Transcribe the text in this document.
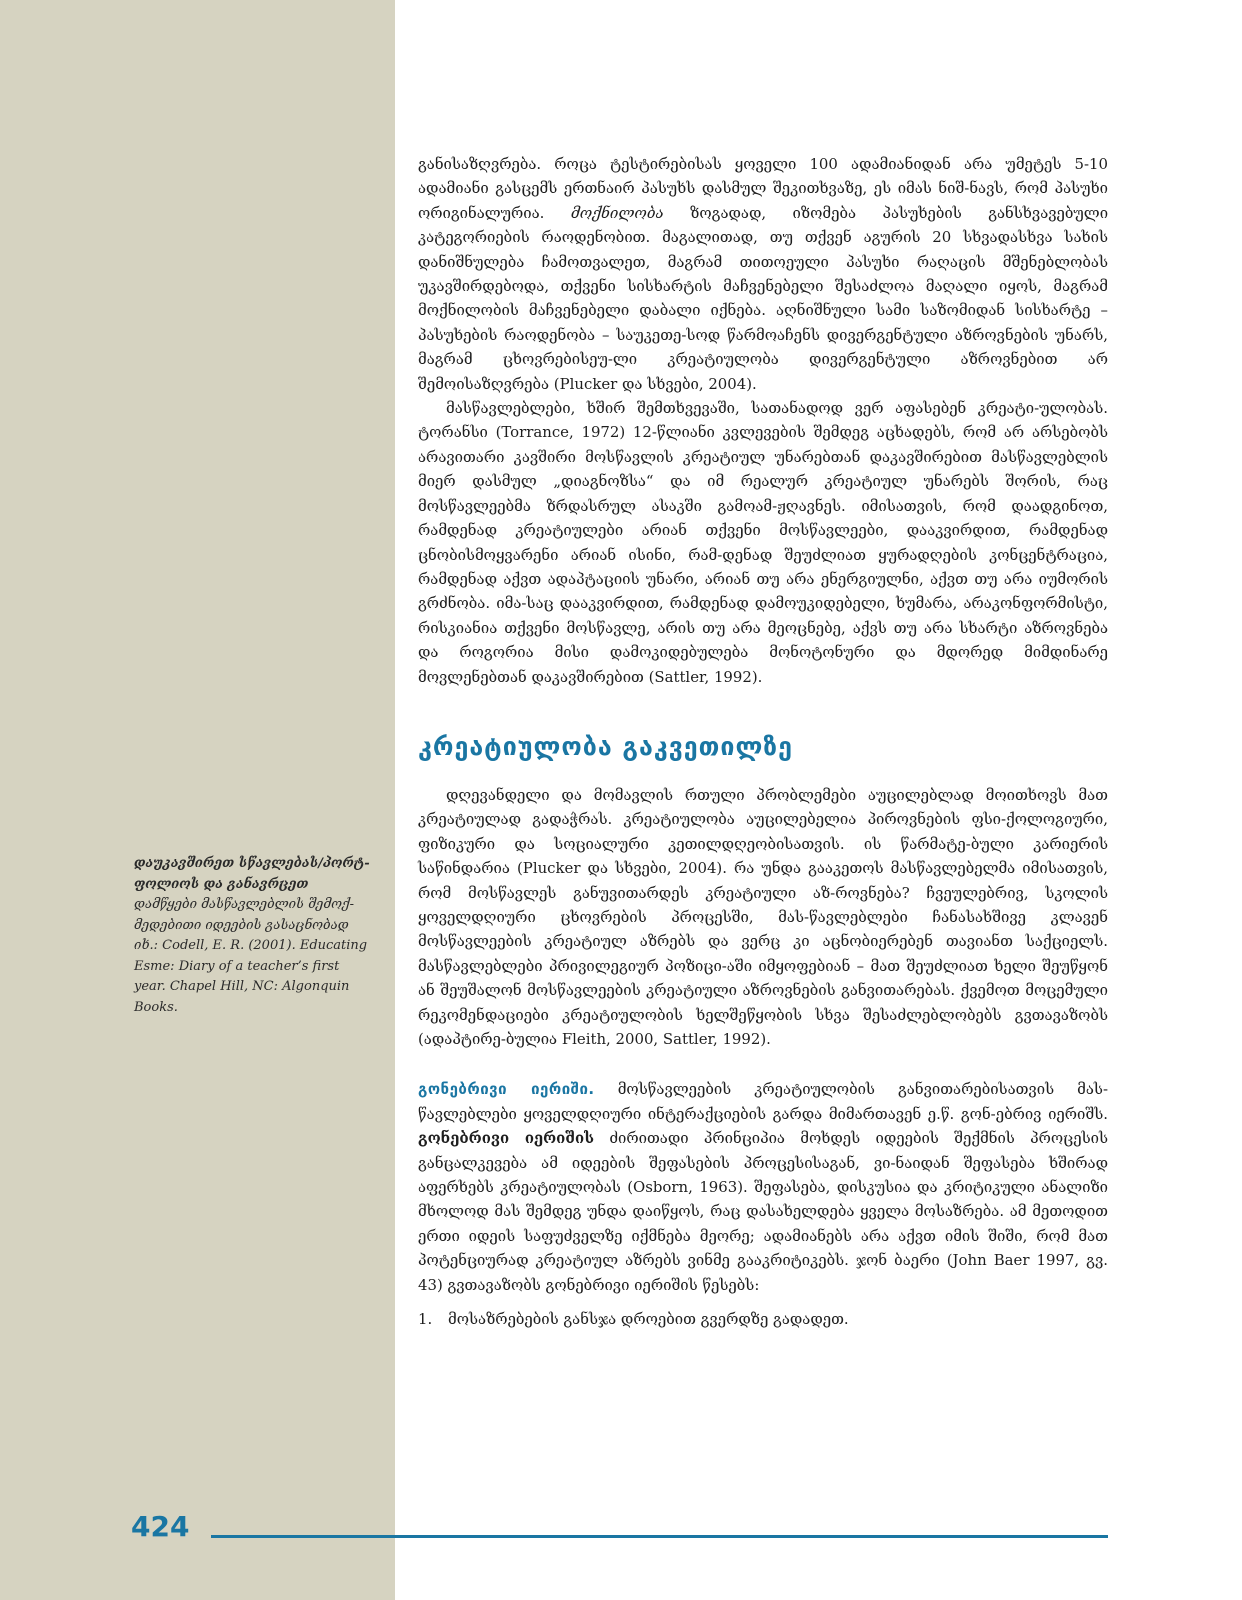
დაუკავშირეთ სწავლებას/პორტ-ფოლიოს და განავრცეთ
დამწყები მასწავლებლის შემოქ-მედებითი იდეების გასაცნობად
იხ.: Codell, E. R. (2001). Educating Esme: Diary of a teacher’s first year. Chapel Hill, NC: Algonquin Books.

განისაზღვრება. როცა ტესტირებისას ყოველი 100 ადამიანიდან არა უმეტეს 5-10 ადამიანი გასცემს ერთნაირ პასუხს დასმულ შეკითხვაზე, ეს იმას ნიშ-ნავს, რომ პასუხი ორიგინალურია. მოქნილობა ზოგადად, იზომება პასუხების განსხვავებული კატეგორიების რაოდენობით. მაგალითად, თუ თქვენ აგურის 20 სხვადასხვა სახის დანიშნულება ჩამოთვალეთ, მაგრამ თითოეული პასუხი რაღაცის მშენებლობას უკავშირდებოდა, თქვენი სისხარტის მაჩვენებელი შესაძლოა მაღალი იყოს, მაგრამ მოქნილობის მაჩვენებელი დაბალი იქნება. აღნიშნული სამი საზომიდან სისხარტე – პასუხების რაოდენობა – საუკეთე-სოდ წარმოაჩენს დივერგენტული აზროვნების უნარს, მაგრამ ცხოვრებისეუ-ლი კრეატიულობა დივერგენტული აზროვნებით არ შემოისაზღვრება (Plucker და სხვები, 2004).

მასწავლებლები, ხშირ შემთხვევაში, სათანადოდ ვერ აფასებენ კრეატი-ულობას. ტორანსი (Torrance, 1972) 12-წლიანი კვლევების შემდეგ აცხადებს, რომ არ არსებობს არავითარი კავშირი მოსწავლის კრეატიულ უნარებთან დაკავშირებით მასწავლებლის მიერ დასმულ „დიაგნოზსა“ და იმ რეალურ კრეატიულ უნარებს შორის, რაც მოსწავლეებმა ზრდასრულ ასაკში გამოამ-ჟღავნეს. იმისათვის, რომ დაადგინოთ, რამდენად კრეატიულები არიან თქვენი მოსწავლეები, დააკვირდით, რამდენად ცნობისმოყვარენი არიან ისინი, რამ-დენად შეუძლიათ ყურადღების კონცენტრაცია, რამდენად აქვთ ადაპტაციის უნარი, არიან თუ არა ენერგიულნი, აქვთ თუ არა იუმორის გრძნობა. იმა-საც დააკვირდით, რამდენად დამოუკიდებელი, ხუმარა, არაკონფორმისტი, რისკიანია თქვენი მოსწავლე, არის თუ არა მეოცნებე, აქვს თუ არა სხარტი აზროვნება და როგორია მისი დამოკიდებულება მონოტონური და მდორედ მიმდინარე მოვლენებთან დაკავშირებით (Sattler, 1992).

კრეატიულობა გაკვეთილზე

დღევანდელი და მომავლის რთული პრობლემები აუცილებლად მოითხოვს მათ კრეატიულად გადაჭრას. კრეატიულობა აუცილებელია პიროვნების ფსი-ქოლოგიური, ფიზიკური და სოციალური კეთილდღეობისათვის. ის წარმატე-ბული კარიერის საწინდარია (Plucker და სხვები, 2004). რა უნდა გააკეთოს მასწავლებელმა იმისათვის, რომ მოსწავლეს განუვითარდეს კრეატიული აზ-როვნება? ჩვეულებრივ, სკოლის ყოველდღიური ცხოვრების პროცესში, მას-წავლებლები ჩანასახშივე კლავენ მოსწავლეების კრეატიულ აზრებს და ვერც კი აცნობიერებენ თავიანთ საქციელს. მასწავლებლები პრივილეგიურ პოზიცი-აში იმყოფებიან – მათ შეუძლიათ ხელი შეუწყონ ან შეუშალონ მოსწავლეების კრეატიული აზროვნების განვითარებას. ქვემოთ მოცემული რეკომენდაციები კრეატიულობის ხელშეწყობის სხვა შესაძლებლობებს გვთავაზობს (ადაპტირე-ბულია Fleith, 2000, Sattler, 1992).

გონებრივი იერიში. მოსწავლეების კრეატიულობის განვითარებისათვის მას-წავლებლები ყოველდღიური ინტერაქციების გარდა მიმართავენ ე.წ. გონ-ებრივ იერიშს. გონებრივი იერიშის ძირითადი პრინციპია მოხდეს იდეების შექმნის პროცესის განცალკევება ამ იდეების შეფასების პროცესისაგან, ვი-ნაიდან შეფასება ხშირად აფერხებს კრეატიულობას (Osborn, 1963). შეფასება, დისკუსია და კრიტიკული ანალიზი მხოლოდ მას შემდეგ უნდა დაიწყოს, რაც დასახელდება ყველა მოსაზრება. ამ მეთოდით ერთი იდეის საფუძველზე იქმნება მეორე; ადამიანებს არა აქვთ იმის შიში, რომ მათ პოტენციურად კრეატიულ აზრებს ვინმე გააკრიტიკებს. ჯონ ბაერი (John Baer 1997, გვ. 43) გვთავაზობს გონებრივი იერიშის წესებს:

1.	მოსაზრებების განსჯა დროებით გვერდზე გადადეთ.
424
